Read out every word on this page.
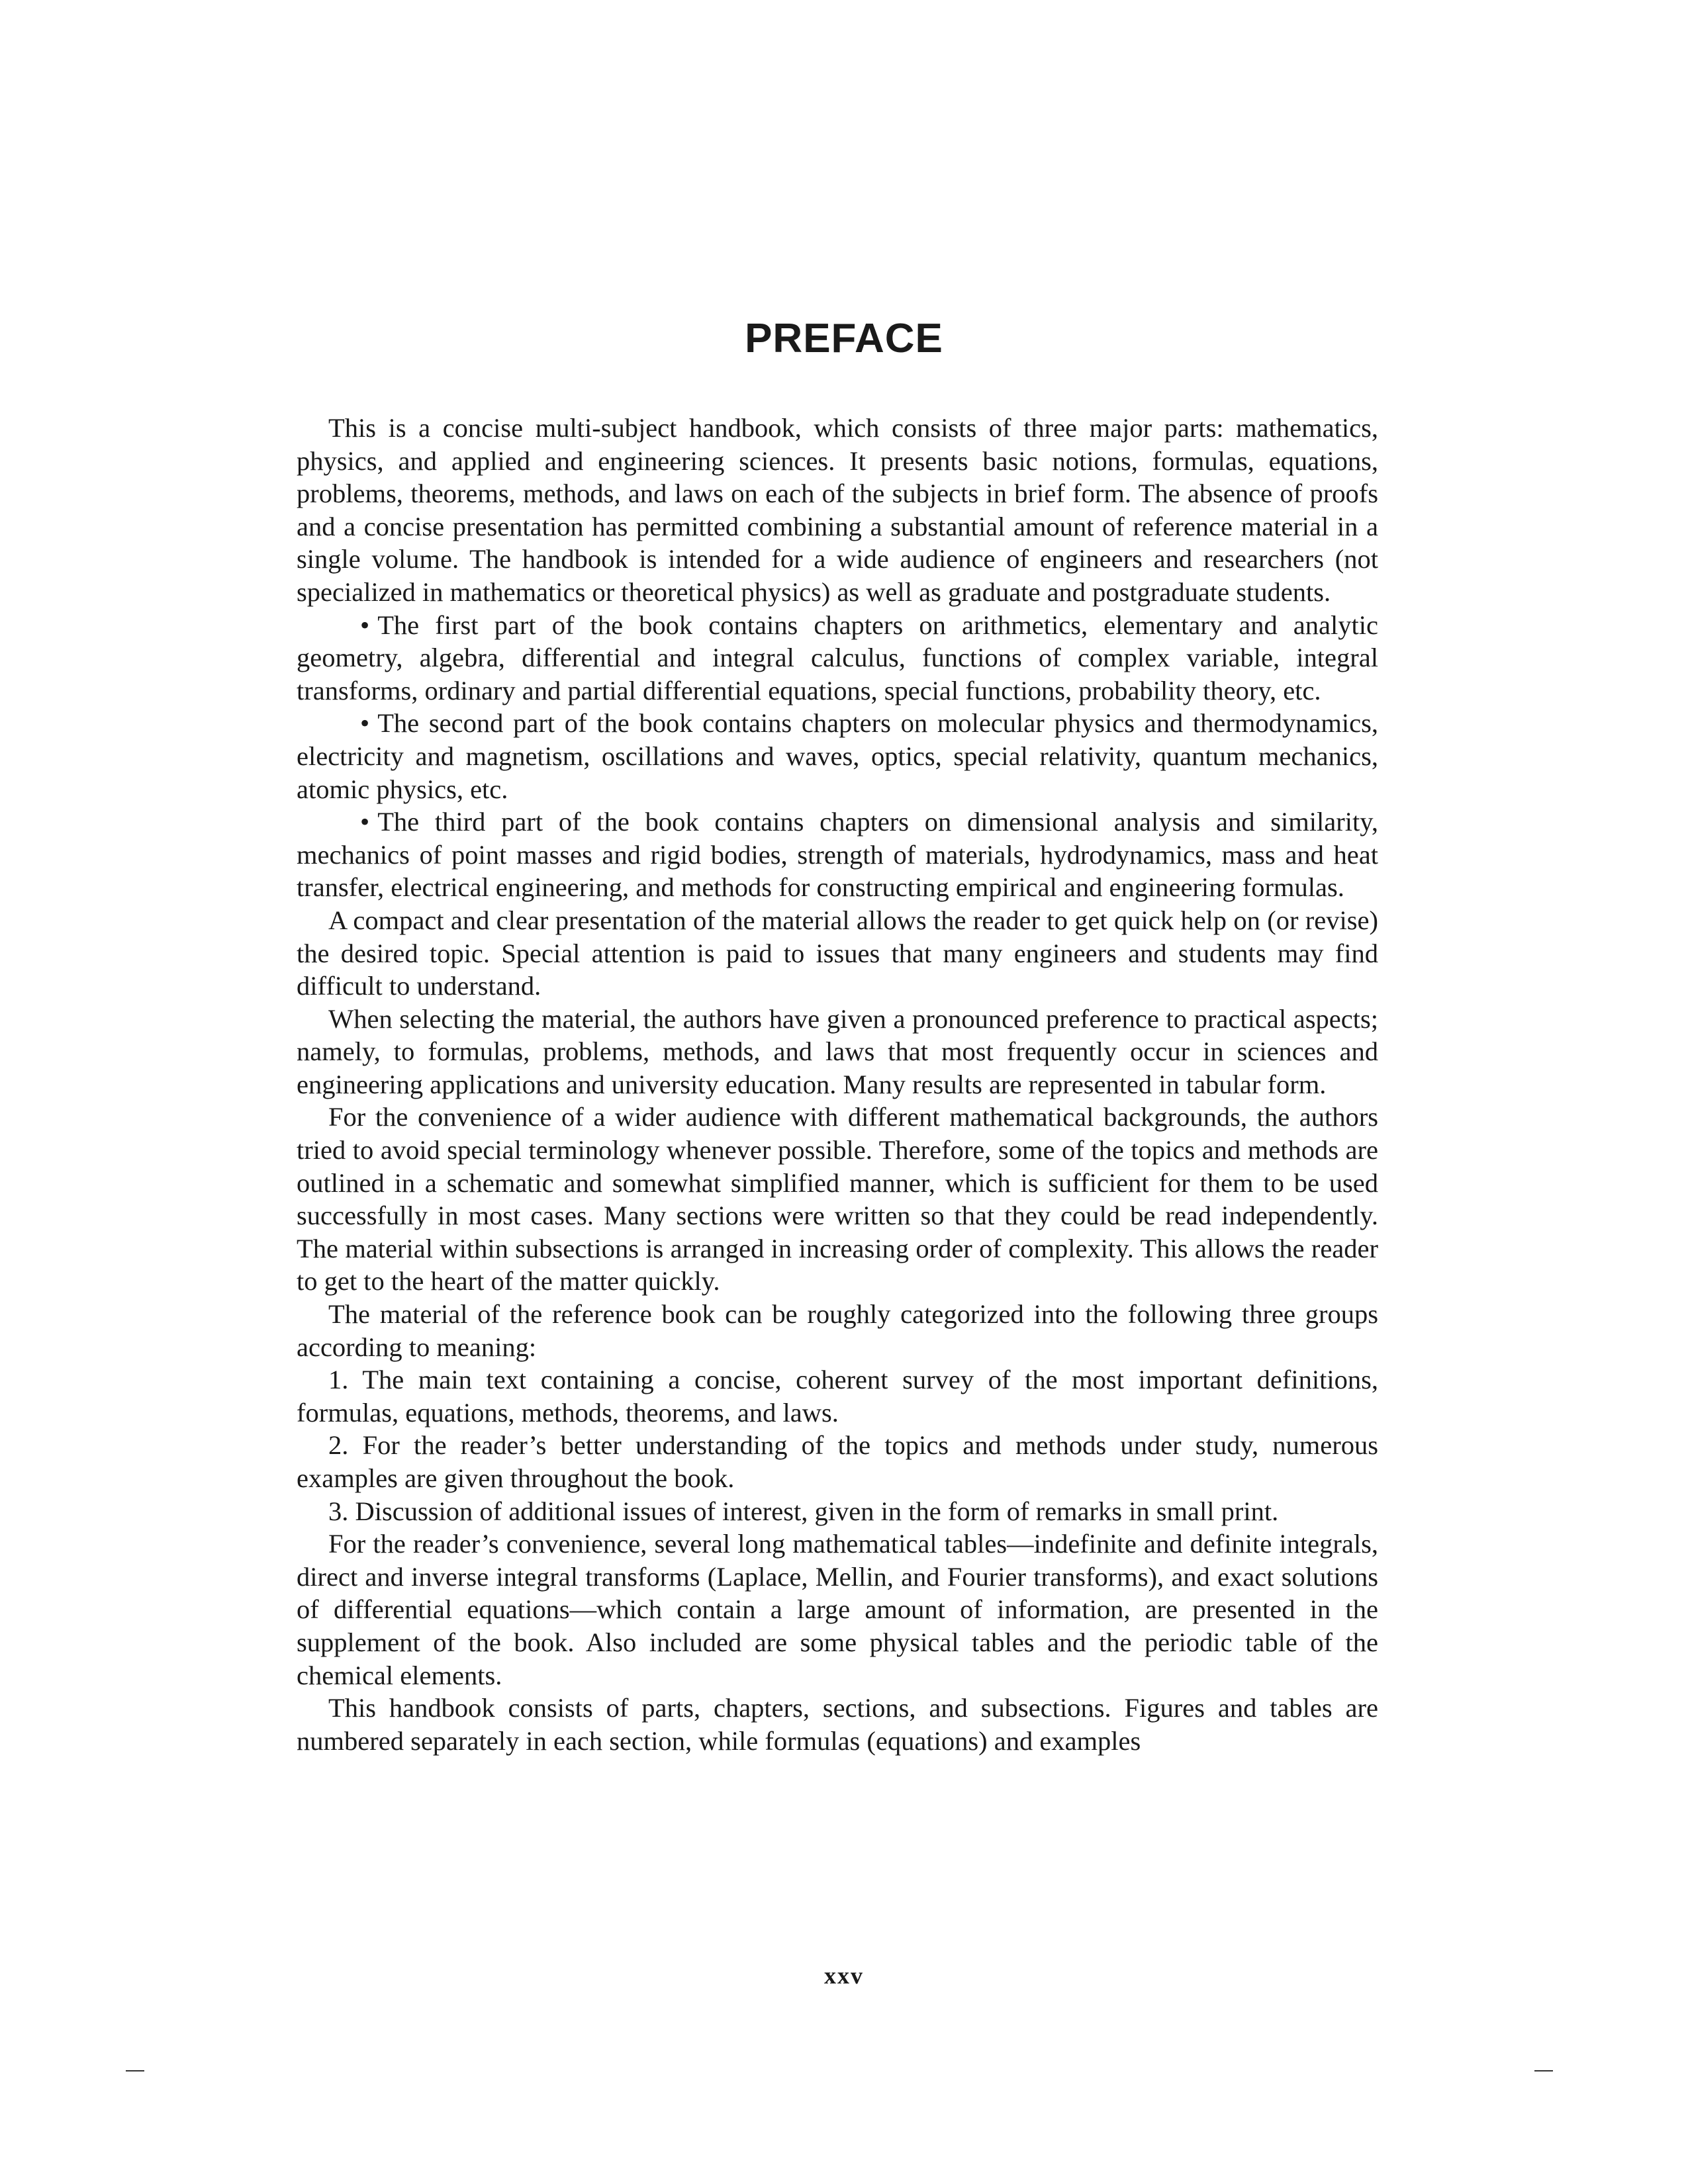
PREFACE

This is a concise multi-subject handbook, which consists of three major parts: mathematics, physics, and applied and engineering sciences. It presents basic notions, formulas, equations, problems, theorems, methods, and laws on each of the subjects in brief form. The absence of proofs and a concise presentation has permitted combining a substantial amount of reference material in a single volume. The handbook is intended for a wide audience of engineers and researchers (not specialized in mathematics or theoretical physics) as well as graduate and postgraduate students.

• The first part of the book contains chapters on arithmetics, elementary and analytic geometry, algebra, differential and integral calculus, functions of complex variable, integral transforms, ordinary and partial differential equations, special functions, probability theory, etc.

• The second part of the book contains chapters on molecular physics and thermodynamics, electricity and magnetism, oscillations and waves, optics, special relativity, quantum mechanics, atomic physics, etc.

• The third part of the book contains chapters on dimensional analysis and similarity, mechanics of point masses and rigid bodies, strength of materials, hydrodynamics, mass and heat transfer, electrical engineering, and methods for constructing empirical and engineering formulas.

A compact and clear presentation of the material allows the reader to get quick help on (or revise) the desired topic. Special attention is paid to issues that many engineers and students may find difficult to understand.

When selecting the material, the authors have given a pronounced preference to practical aspects; namely, to formulas, problems, methods, and laws that most frequently occur in sciences and engineering applications and university education. Many results are represented in tabular form.

For the convenience of a wider audience with different mathematical backgrounds, the authors tried to avoid special terminology whenever possible. Therefore, some of the topics and methods are outlined in a schematic and somewhat simplified manner, which is sufficient for them to be used successfully in most cases. Many sections were written so that they could be read independently. The material within subsections is arranged in increasing order of complexity. This allows the reader to get to the heart of the matter quickly.

The material of the reference book can be roughly categorized into the following three groups according to meaning:

1. The main text containing a concise, coherent survey of the most important definitions, formulas, equations, methods, theorems, and laws.

2. For the reader’s better understanding of the topics and methods under study, numerous examples are given throughout the book.

3. Discussion of additional issues of interest, given in the form of remarks in small print.

For the reader’s convenience, several long mathematical tables—indefinite and definite integrals, direct and inverse integral transforms (Laplace, Mellin, and Fourier transforms), and exact solutions of differential equations—which contain a large amount of information, are presented in the supplement of the book. Also included are some physical tables and the periodic table of the chemical elements.

This handbook consists of parts, chapters, sections, and subsections. Figures and tables are numbered separately in each section, while formulas (equations) and examples

xxv
